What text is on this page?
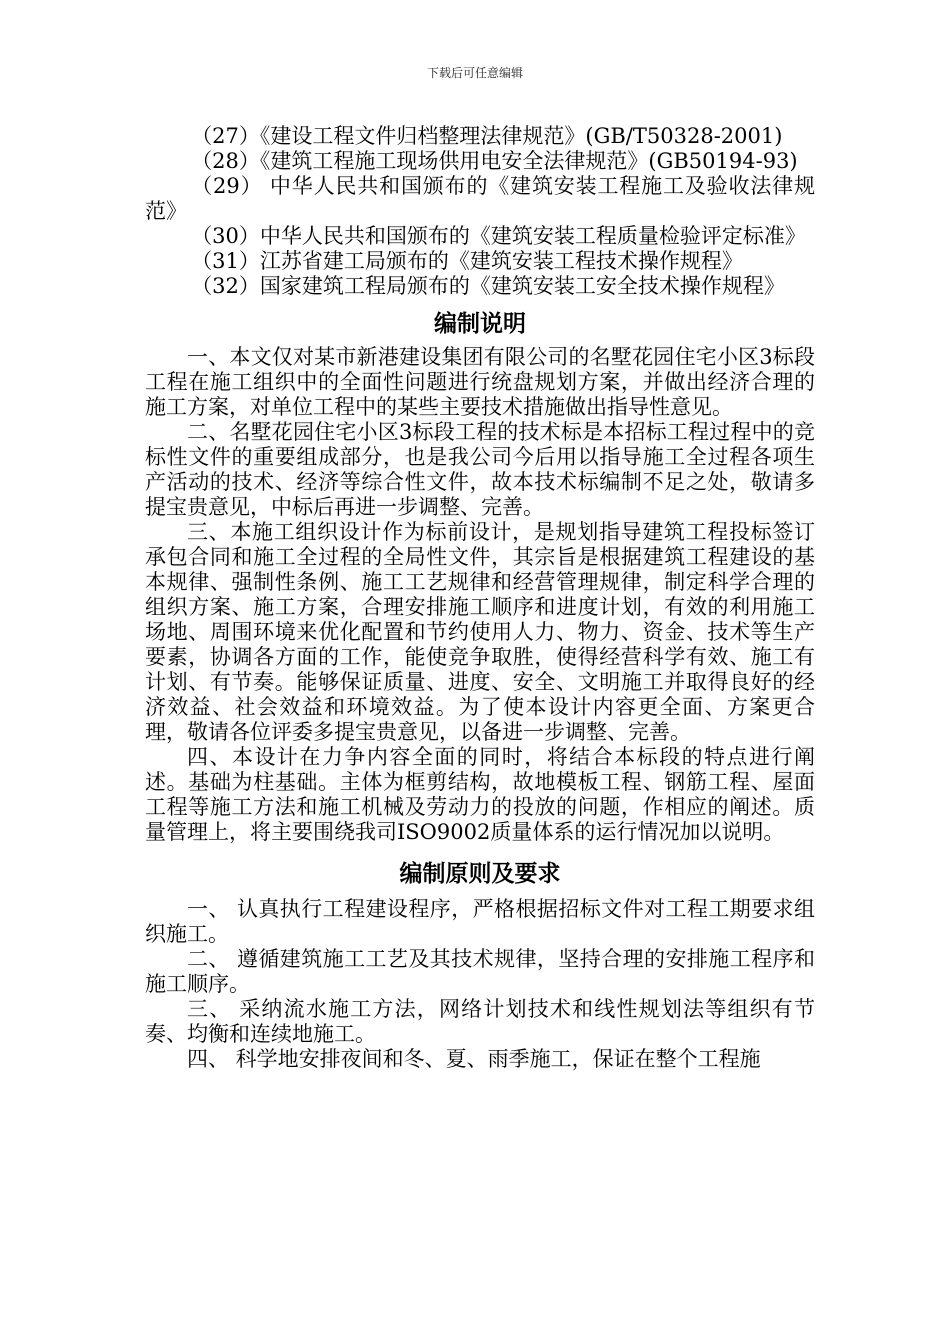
下载后可任意编辑

（27）《建设工程文件归档整理法律规范》(GB/T50328-2001)

（28）《建筑工程施工现场供用电安全法律规范》(GB50194-93)

（29） 中华人民共和国颁布的《建筑安装工程施工及验收法律规范》

（30）中华人民共和国颁布的《建筑安装工程质量检验评定标准》

（31）江苏省建工局颁布的《建筑安装工程技术操作规程》

（32）国家建筑工程局颁布的《建筑安装工安全技术操作规程》

编制说明

一、本文仅对某市新港建设集团有限公司的名墅花园住宅小区3标段工程在施工组织中的全面性问题进行统盘规划方案，并做出经济合理的施工方案，对单位工程中的某些主要技术措施做出指导性意见。

二、名墅花园住宅小区3标段工程的技术标是本招标工程过程中的竞标性文件的重要组成部分，也是我公司今后用以指导施工全过程各项生产活动的技术、经济等综合性文件，故本技术标编制不足之处，敬请多提宝贵意见，中标后再进一步调整、完善。

三、本施工组织设计作为标前设计，是规划指导建筑工程投标签订承包合同和施工全过程的全局性文件，其宗旨是根据建筑工程建设的基本规律、强制性条例、施工工艺规律和经营管理规律，制定科学合理的组织方案、施工方案，合理安排施工顺序和进度计划，有效的利用施工场地、周围环境来优化配置和节约使用人力、物力、资金、技术等生产要素，协调各方面的工作，能使竞争取胜，使得经营科学有效、施工有计划、有节奏。能够保证质量、进度、安全、文明施工并取得良好的经济效益、社会效益和环境效益。为了使本设计内容更全面、方案更合理，敬请各位评委多提宝贵意见，以备进一步调整、完善。

四、本设计在力争内容全面的同时，将结合本标段的特点进行阐述。基础为柱基础。主体为框剪结构，故地模板工程、钢筋工程、屋面工程等施工方法和施工机械及劳动力的投放的问题，作相应的阐述。质量管理上，将主要围绕我司ISO9002质量体系的运行情况加以说明。

编制原则及要求

一、 认真执行工程建设程序，严格根据招标文件对工程工期要求组织施工。

二、 遵循建筑施工工艺及其技术规律，坚持合理的安排施工程序和施工顺序。

三、 采纳流水施工方法，网络计划技术和线性规划法等组织有节奏、均衡和连续地施工。

四、 科学地安排夜间和冬、夏、雨季施工，保证在整个工程施
